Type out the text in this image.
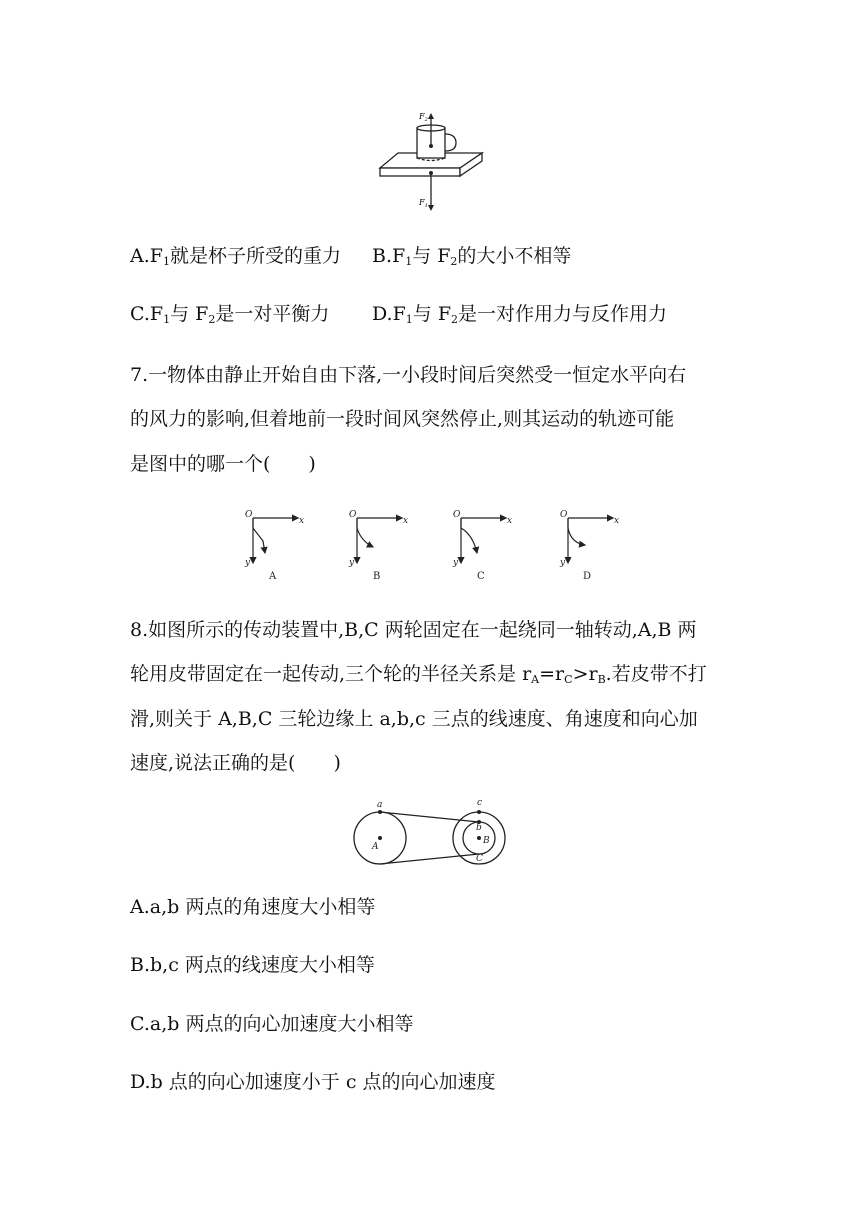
$F_2$
$F_1$
$A.F_1$就是杯子所受的重力 $B.F_1$与 $F_2$的大小不相等
$C.F_1$与 $F_2$是一对平衡力 $D.F_1$与 $F_2$是一对作用力与反作用力
7.一物体由静止开始自由下落,一小段时间后突然受一恒定水平向右
的风力的影响,但着地前一段时间风突然停止,则其运动的轨迹可能
是图中的哪一个(　　)
O
x
y
O
x
y
O
x
y
O
x
y
A	B	C	D
8.如图所示的传动装置中,B,C 两轮固定在一起绕同一轴转动,A,B 两
轮用皮带固定在一起传动,三个轮的半径关系是 $r_A=r_C>r_B$.若皮带不打
滑,则关于 A,B,C 三轮边缘上 a,b,c 三点的线速度、角速度和向心加
速度,说法正确的是(　　)
a
A
c
b
B
C
A.a,b 两点的角速度大小相等
B.b,c 两点的线速度大小相等
C.a,b 两点的向心加速度大小相等
D.b 点的向心加速度小于 c 点的向心加速度
